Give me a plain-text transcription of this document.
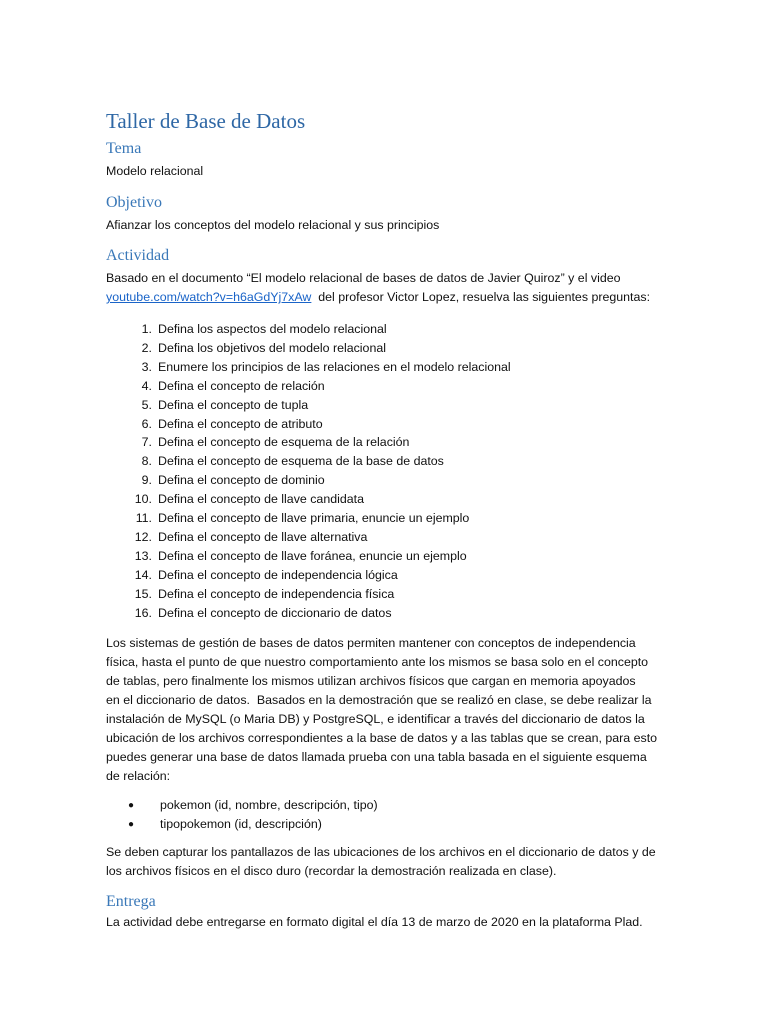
Taller de Base de Datos
Tema

Modelo relacional

Objetivo

Afianzar los conceptos del modelo relacional y sus principios

Actividad

Basado en el documento “El modelo relacional de bases de datos de Javier Quiroz” y el video
youtube.com/watch?v=h6aGdYj7xAw  del profesor Victor Lopez, resuelva las siguientes preguntas:

1. Defina los aspectos del modelo relacional
2. Defina los objetivos del modelo relacional
3. Enumere los principios de las relaciones en el modelo relacional
4. Defina el concepto de relación
5. Defina el concepto de tupla
6. Defina el concepto de atributo
7. Defina el concepto de esquema de la relación
8. Defina el concepto de esquema de la base de datos
9. Defina el concepto de dominio
10. Defina el concepto de llave candidata
11. Defina el concepto de llave primaria, enuncie un ejemplo
12. Defina el concepto de llave alternativa
13. Defina el concepto de llave foránea, enuncie un ejemplo
14. Defina el concepto de independencia lógica
15. Defina el concepto de independencia física
16. Defina el concepto de diccionario de datos

Los sistemas de gestión de bases de datos permiten mantener con conceptos de independencia
física, hasta el punto de que nuestro comportamiento ante los mismos se basa solo en el concepto
de tablas, pero finalmente los mismos utilizan archivos físicos que cargan en memoria apoyados
en el diccionario de datos.  Basados en la demostración que se realizó en clase, se debe realizar la
instalación de MySQL (o Maria DB) y PostgreSQL, e identificar a través del diccionario de datos la
ubicación de los archivos correspondientes a la base de datos y a las tablas que se crean, para esto
puedes generar una base de datos llamada prueba con una tabla basada en el siguiente esquema
de relación:

●	pokemon (id, nombre, descripción, tipo)
●	tipopokemon (id, descripción)

Se deben capturar los pantallazos de las ubicaciones de los archivos en el diccionario de datos y de
los archivos físicos en el disco duro (recordar la demostración realizada en clase).

Entrega

La actividad debe entregarse en formato digital el día 13 de marzo de 2020 en la plataforma Plad.
